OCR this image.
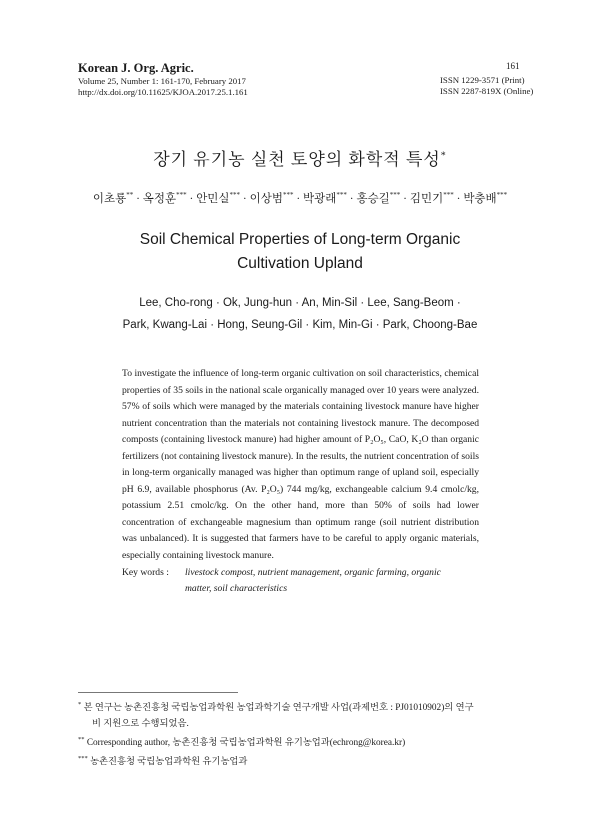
Korean J. Org. Agric.
Volume 25, Number 1: 161-170, February 2017
http://dx.doi.org/10.11625/KJOA.2017.25.1.161
161
ISSN 1229-3571 (Print)
ISSN 2287-819X (Online)
장기 유기농 실천 토양의 화학적 특성*
이초룡** · 옥정훈*** · 안민실*** · 이상범*** · 박광래*** · 홍승길*** · 김민기*** · 박충배***
Soil Chemical Properties of Long-term Organic
Cultivation Upland
Lee, Cho-rong · Ok, Jung-hun · An, Min-Sil · Lee, Sang-Beom ·
Park, Kwang-Lai · Hong, Seung-Gil · Kim, Min-Gi · Park, Choong-Bae
To investigate the influence of long-term organic cultivation on soil characteristics, chemical properties of 35 soils in the national scale organically managed over 10 years were analyzed. 57% of soils which were managed by the materials containing livestock manure have higher nutrient concentration than the materials not containing livestock manure. The decomposed composts (containing livestock manure) had higher amount of P₂O₅, CaO, K₂O than organic fertilizers (not containing livestock manure). In the results, the nutrient concentration of soils in long-term organically managed was higher than optimum range of upland soil, especially pH 6.9, available phosphorus (Av. P₂O₅) 744 mg/kg, exchangeable calcium 9.4 cmolc/kg, potassium 2.51 cmolc/kg. On the other hand, more than 50% of soils had lower concentration of exchangeable magnesium than optimum range (soil nutrient distribution was unbalanced). It is suggested that farmers have to be careful to apply organic materials, especially containing livestock manure.
Key words : livestock compost, nutrient management, organic farming, organic
matter, soil characteristics
* 본 연구는 농촌진흥청 국립농업과학원 농업과학기술 연구개발 사업(과제번호 : PJ01010902)의 연구
비 지원으로 수행되었음.
** Corresponding author, 농촌진흥청 국립농업과학원 유기농업과(echrong@korea.kr)
*** 농촌진흥청 국립농업과학원 유기농업과
